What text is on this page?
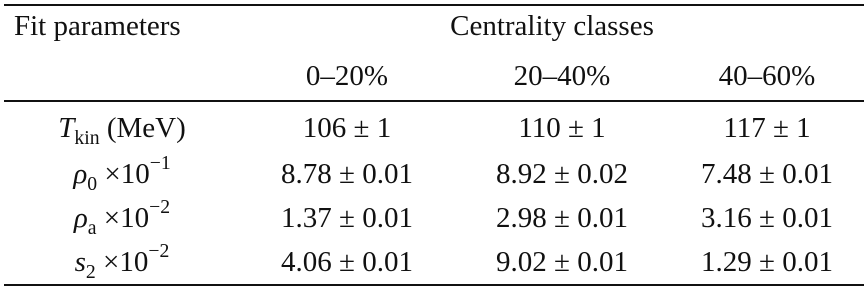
Fit parameters	Centrality classes		
	0–20%	20–40%	40–60%
$T_{kin}$ (MeV)	106 ± 1	110 ± 1	117 ± 1
$\rho_0 \times 10^{-1}$	8.78 ± 0.01	8.92 ± 0.02	7.48 ± 0.01
$\rho_a \times 10^{-2}$	1.37 ± 0.01	2.98 ± 0.01	3.16 ± 0.01
$s_2 \times 10^{-2}$	4.06 ± 0.01	9.02 ± 0.01	1.29 ± 0.01
